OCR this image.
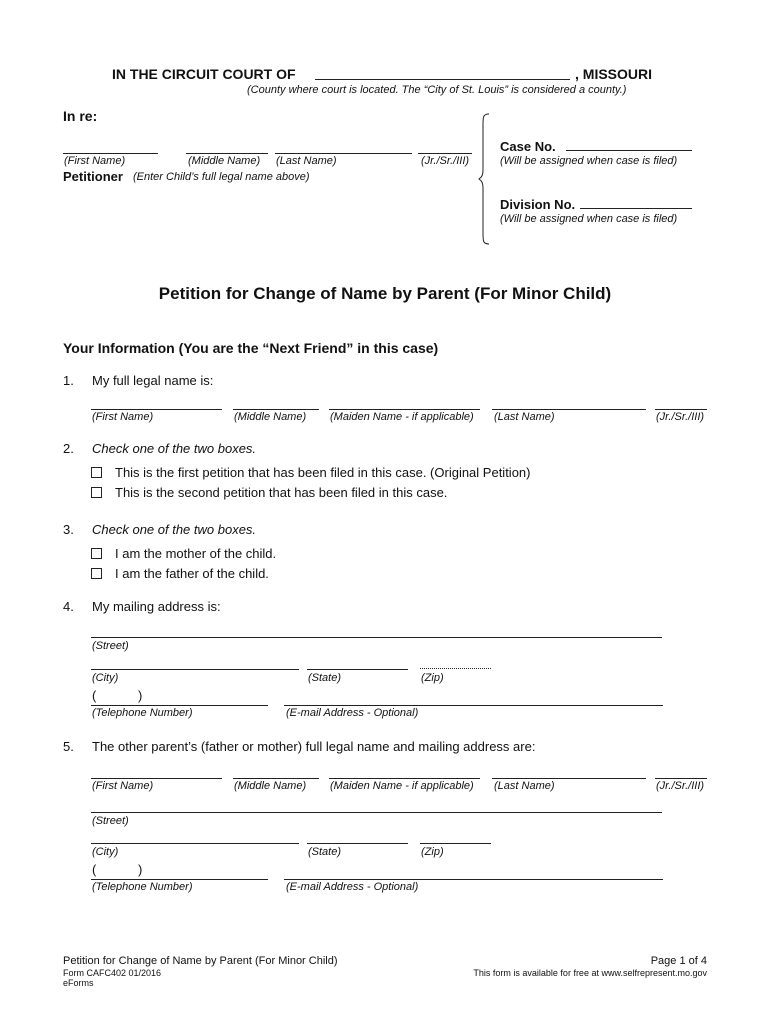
IN THE CIRCUIT COURT OF	, MISSOURI
(County where court is located. The “City of St. Louis” is considered a county.)
In re:
(First Name)	(Middle Name) (Last Name)	(Jr./Sr./III)
Petitioner (Enter Child’s full legal name above)
Case No.
(Will be assigned when case is filed)
Division No.
(Will be assigned when case is filed)
Petition for Change of Name by Parent (For Minor Child)
Your Information (You are the “Next Friend” in this case)
1. My full legal name is:
(First Name)	(Middle Name) (Maiden Name - if applicable) (Last Name)	(Jr./Sr./III)
2. Check one of the two boxes.
This is the first petition that has been filed in this case. (Original Petition)
This is the second petition that has been filed in this case.
3. Check one of the two boxes.
I am the mother of the child.
I am the father of the child.
4. My mailing address is:
(Street)
(City)	(State)	(Zip)
(	)
(Telephone Number)	(E-mail Address - Optional)
5. The other parent’s (father or mother) full legal name and mailing address are:
(First Name)	(Middle Name) (Maiden Name - if applicable) (Last Name)	(Jr./Sr./III)
(Street)
(City)	(State)	(Zip)
(	)
(Telephone Number)	(E-mail Address - Optional)
Petition for Change of Name by Parent (For Minor Child)
Form CAFC402 01/2016
eForms
Page 1 of 4
This form is available for free at www.selfrepresent.mo.gov
